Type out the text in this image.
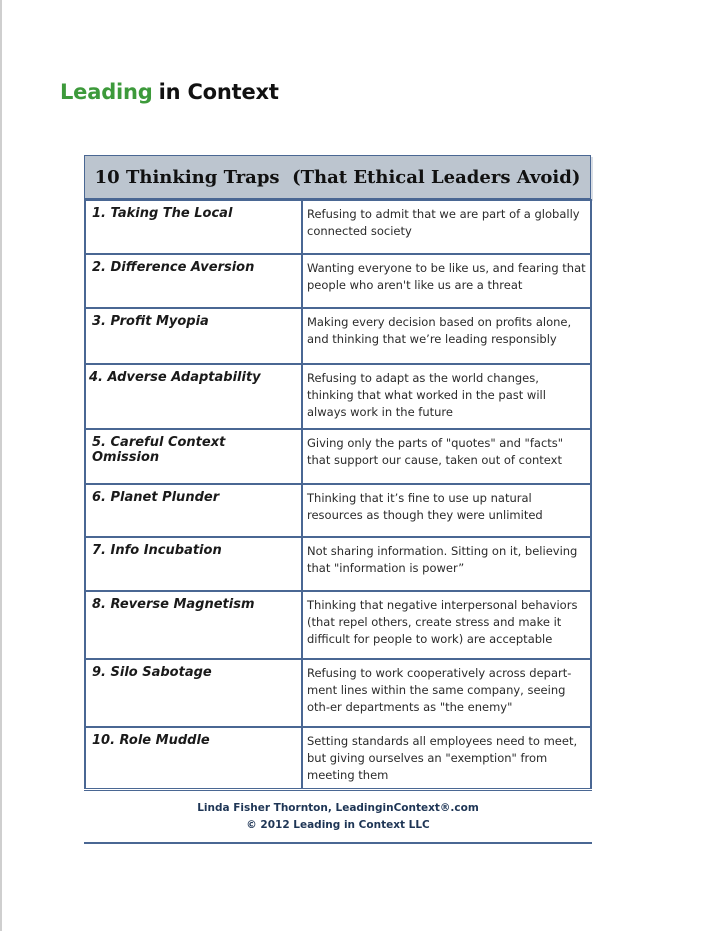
Leading in Context
10 Thinking Traps  (That Ethical Leaders Avoid)
1. Taking The Local	Refusing to admit that we are part of a globally connected society
2. Difference Aversion	Wanting everyone to be like us, and fearing that people who aren't like us are a threat
3. Profit Myopia	Making every decision based on profits alone, and thinking that we’re leading responsibly
4. Adverse Adaptability	Refusing to adapt as the world changes, thinking that what worked in the past will always work in the future
5. Careful Context Omission	Giving only the parts of "quotes" and "facts" that support our cause, taken out of context
6. Planet Plunder	Thinking that it’s fine to use up natural resources as though they were unlimited
7. Info Incubation	Not sharing information. Sitting on it, believing that "information is power”
8. Reverse Magnetism	Thinking that negative interpersonal behaviors (that repel others, create stress and make it difficult for people to work) are acceptable
9. Silo Sabotage	Refusing to work cooperatively across depart-ment lines within the same company, seeing oth-er departments as "the enemy"
10. Role Muddle	Setting standards all employees need to meet, but giving ourselves an "exemption" from meeting them
Linda Fisher Thornton, LeadinginContext®.com
© 2012 Leading in Context LLC
